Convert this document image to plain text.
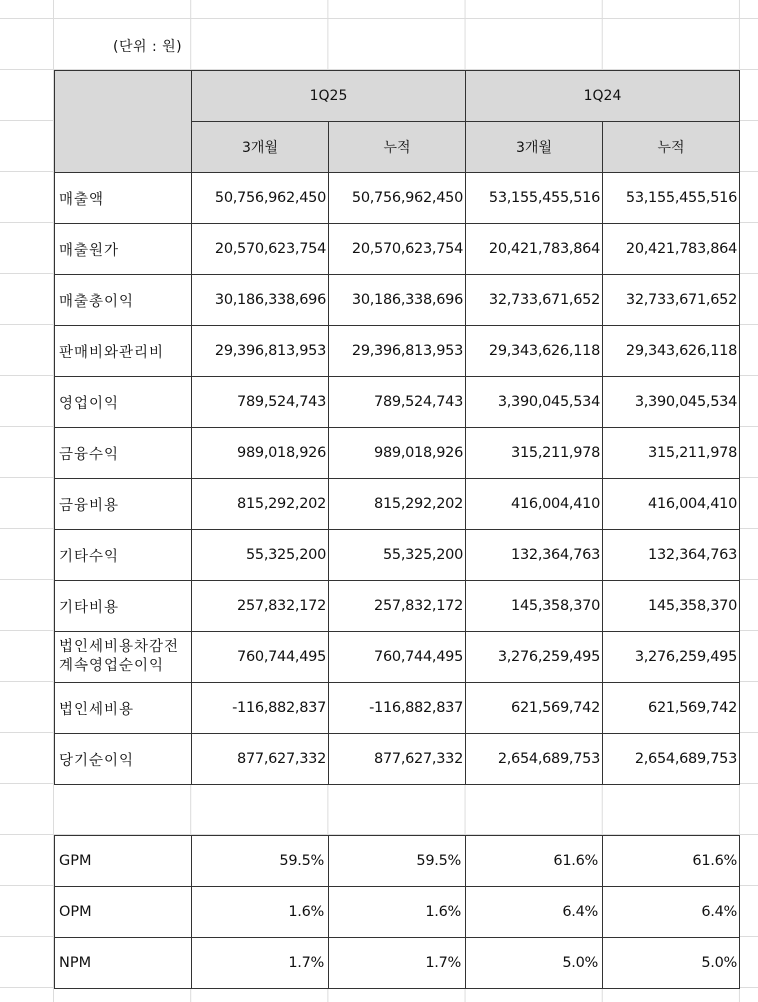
(단위 : 원)
	1Q25		1Q24	
	3개월	누적	3개월	누적
매출액	50,756,962,450	50,756,962,450	53,155,455,516	53,155,455,516
매출원가	20,570,623,754	20,570,623,754	20,421,783,864	20,421,783,864
매출총이익	30,186,338,696	30,186,338,696	32,733,671,652	32,733,671,652
판매비와관리비	29,396,813,953	29,396,813,953	29,343,626,118	29,343,626,118
영업이익	789,524,743	789,524,743	3,390,045,534	3,390,045,534
금융수익	989,018,926	989,018,926	315,211,978	315,211,978
금융비용	815,292,202	815,292,202	416,004,410	416,004,410
기타수익	55,325,200	55,325,200	132,364,763	132,364,763
기타비용	257,832,172	257,832,172	145,358,370	145,358,370

법인세비용차감전
계속영업순이익	760,744,495	760,744,495	3,276,259,495	3,276,259,495
법인세비용	-116,882,837	-116,882,837	621,569,742	621,569,742
당기순이익	877,627,332	877,627,332	2,654,689,753	2,654,689,753
GPM	59.5%	59.5%	61.6%	61.6%
OPM	1.6%	1.6%	6.4%	6.4%
NPM	1.7%	1.7%	5.0%	5.0%
